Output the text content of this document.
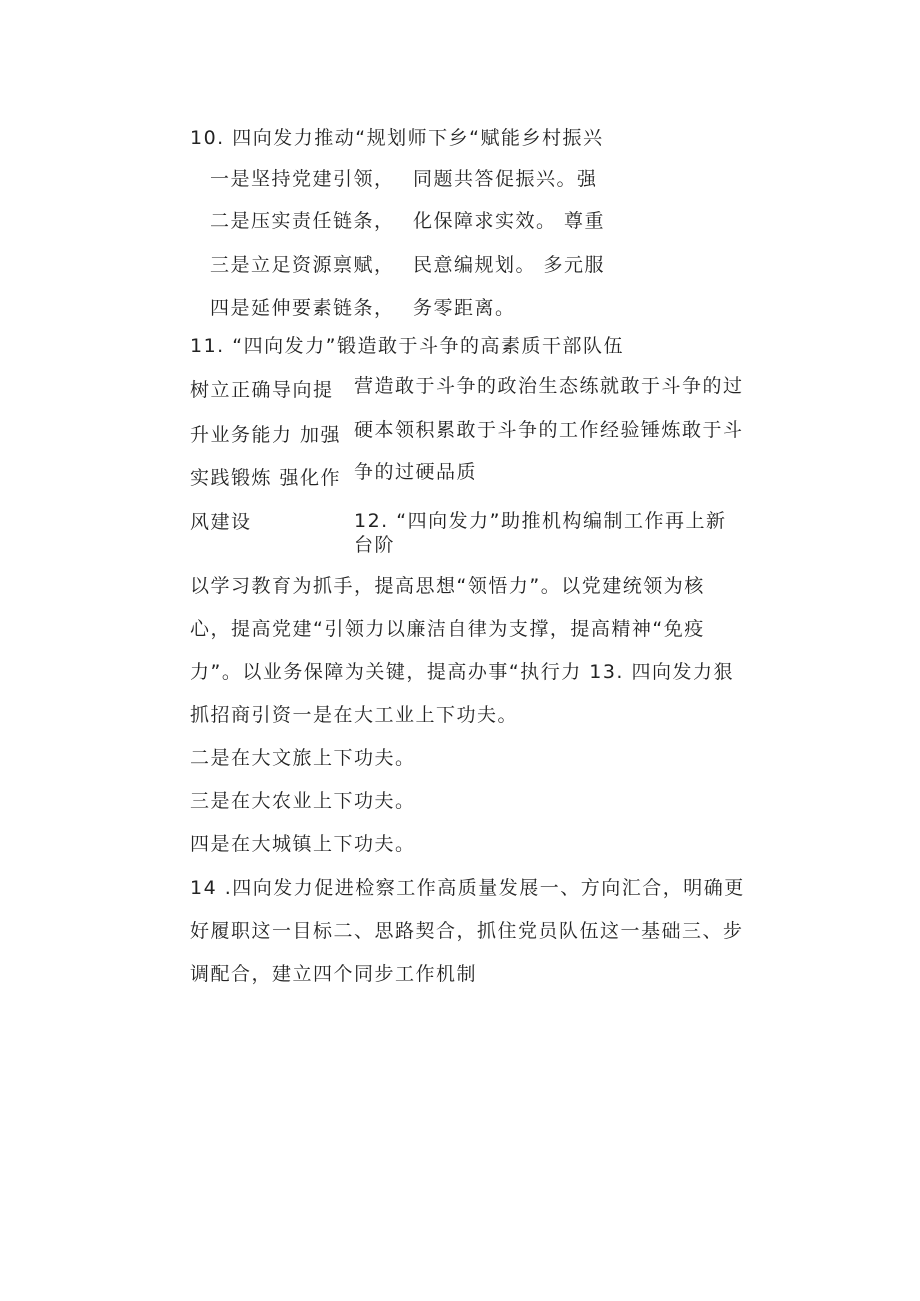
10. 四向发力推动“规划师下乡“赋能乡村振兴
一是坚持党建引领，
二是压实责任链条，
三是立足资源禀赋，
四是延伸要素链条，
同题共答促振兴。强
化保障求实效。 尊重
民意编规划。 多元服
务零距离。
11. “四向发力”锻造敢于斗争的高素质干部队伍
树立正确导向提
升业务能力 加强
实践锻炼 强化作
风建设
营造敢于斗争的政治生态练就敢于斗争的过
硬本领积累敢于斗争的工作经验锤炼敢于斗
争的过硬品质
12. “四向发力”助推机构编制工作再上新台阶
以学习教育为抓手，提高思想“领悟力”。以党建统领为核
心，提高党建“引领力以廉洁自律为支撑，提高精神“免疫
力”。以业务保障为关键，提高办事“执行力 13. 四向发力狠
抓招商引资一是在大工业上下功夫。
二是在大文旅上下功夫。
三是在大农业上下功夫。
四是在大城镇上下功夫。
14 .四向发力促进检察工作高质量发展一、方向汇合，明确更
好履职这一目标二、思路契合，抓住党员队伍这一基础三、步
调配合，建立四个同步工作机制
